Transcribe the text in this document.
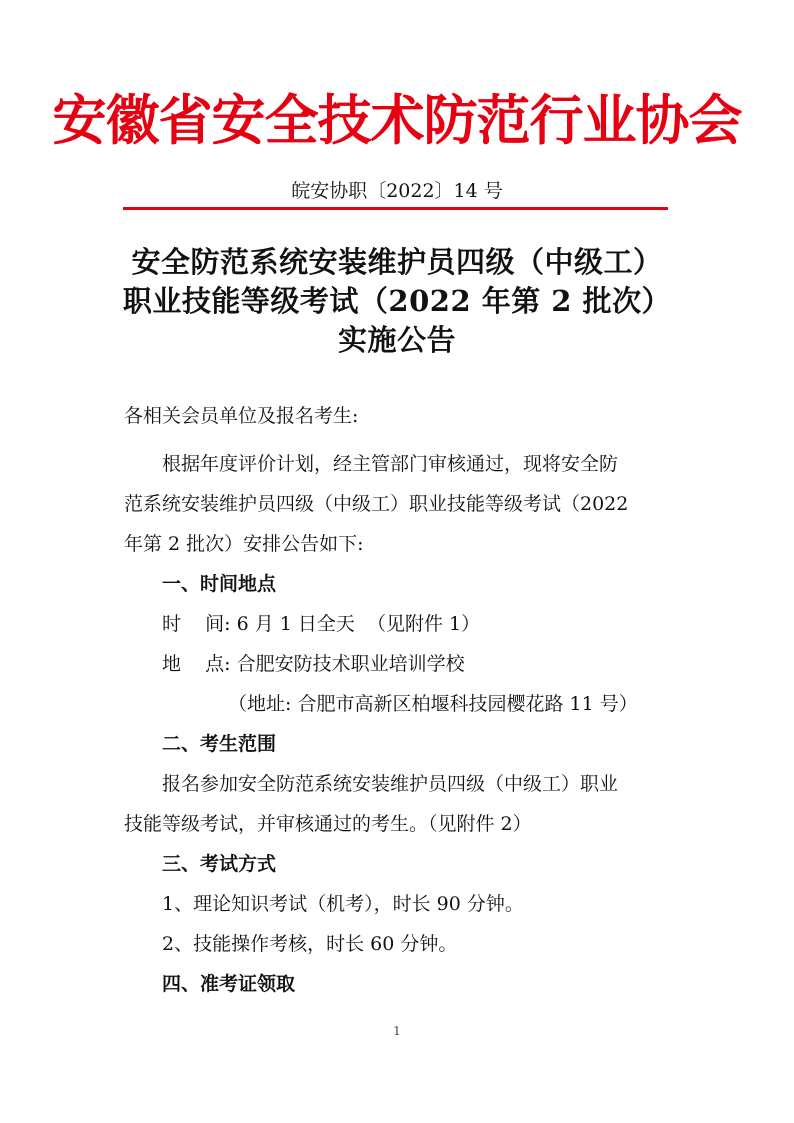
安徽省安全技术防范行业协会
皖安协职〔2022〕14 号
安全防范系统安装维护员四级（中级工）
职业技能等级考试（2022 年第 2 批次）
实施公告
各相关会员单位及报名考生:
根据年度评价计划，经主管部门审核通过，现将安全防
范系统安装维护员四级（中级工）职业技能等级考试（2022
年第 2 批次）安排公告如下:
一、时间地点
时    间: 6 月 1 日全天  （见附件 1）
地    点: 合肥安防技术职业培训学校
（地址: 合肥市高新区柏堰科技园樱花路 11 号）
二、考生范围
报名参加安全防范系统安装维护员四级（中级工）职业
技能等级考试，并审核通过的考生。（见附件 2）
三、考试方式
1、理论知识考试（机考），时长 90 分钟。
2、技能操作考核，时长 60 分钟。
四、准考证领取
1
